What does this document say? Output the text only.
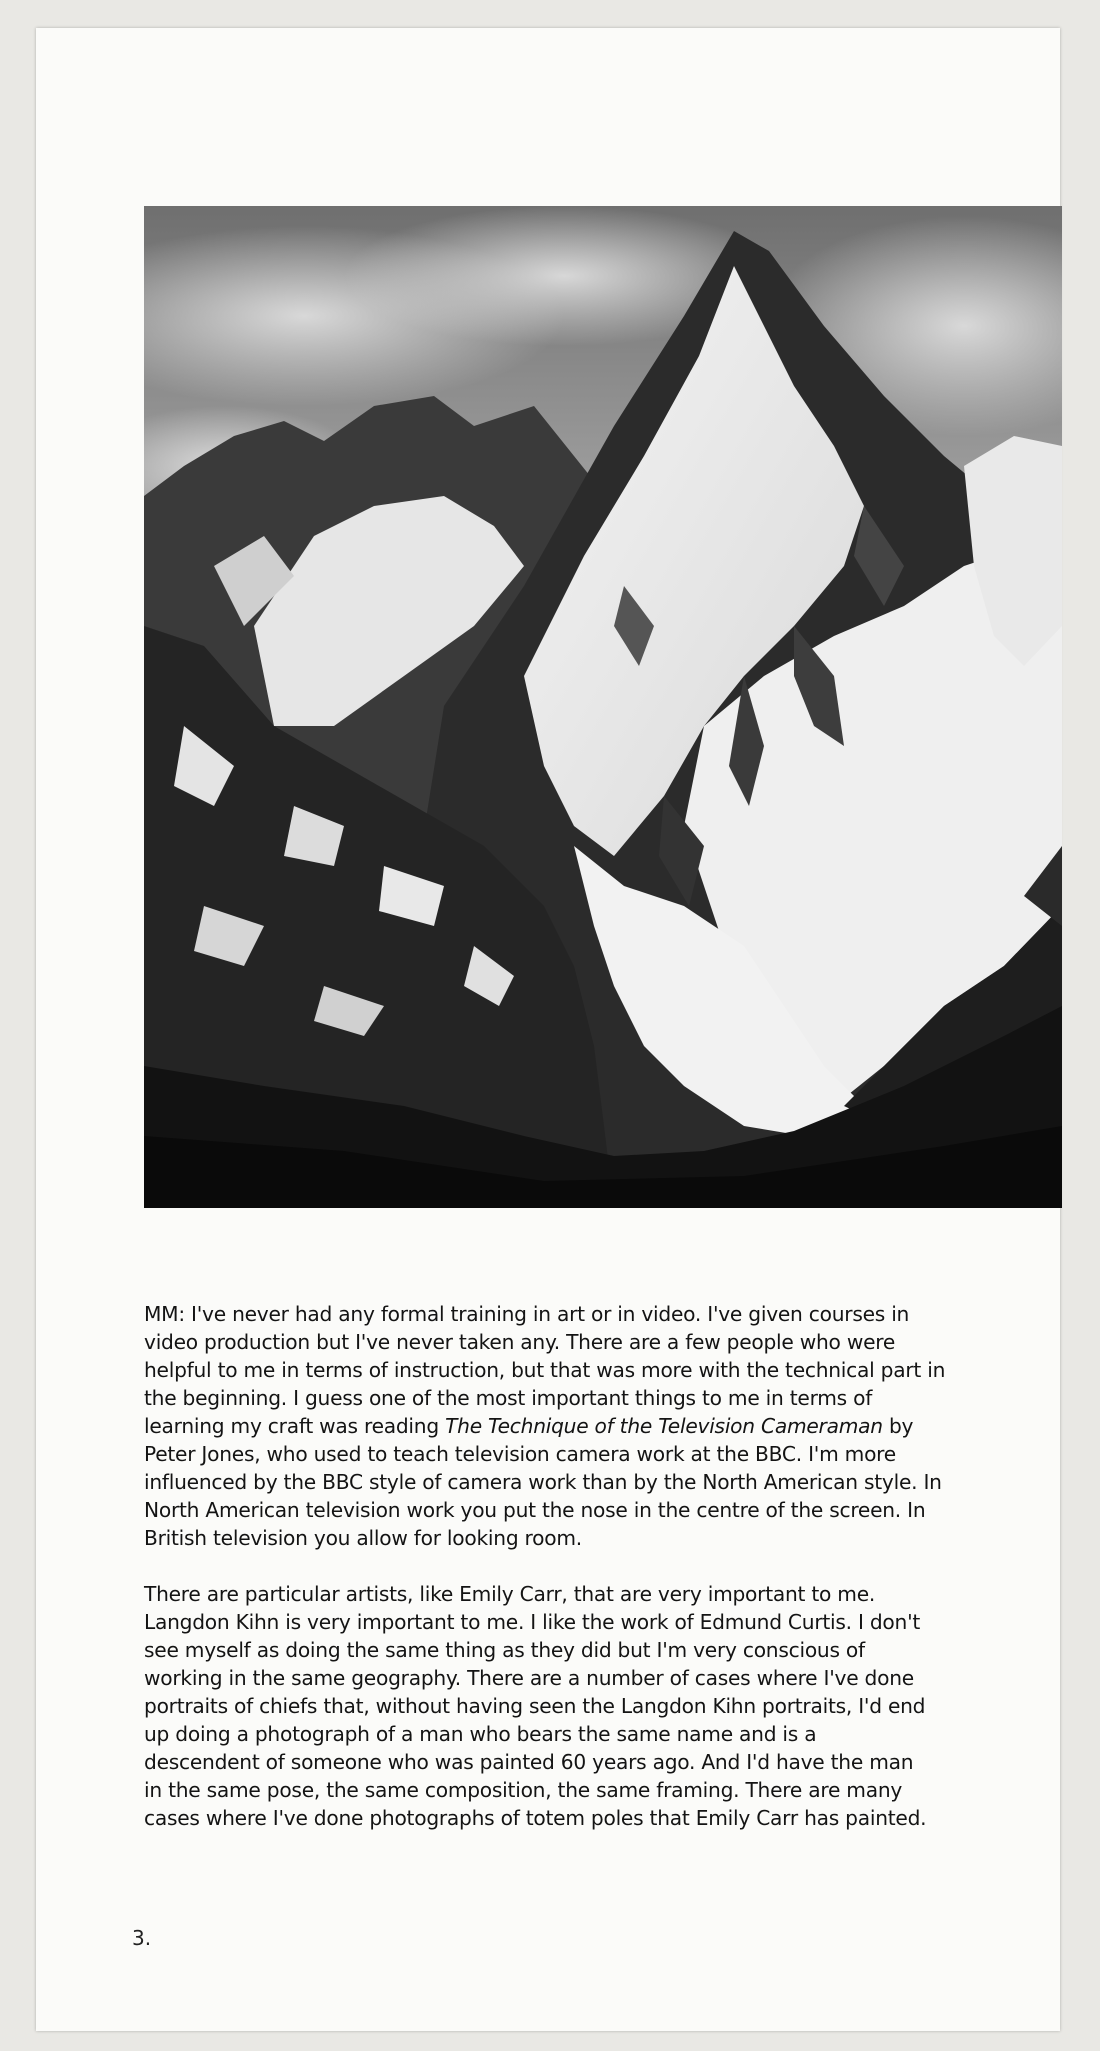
MM: I've never had any formal training in art or in video. I've given courses in
video production but I've never taken any. There are a few people who were
helpful to me in terms of instruction, but that was more with the technical part in
the beginning. I guess one of the most important things to me in terms of
learning my craft was reading The Technique of the Television Cameraman by
Peter Jones, who used to teach television camera work at the BBC. I'm more
influenced by the BBC style of camera work than by the North American style. In
North American television work you put the nose in the centre of the screen. In
British television you allow for looking room.

There are particular artists, like Emily Carr, that are very important to me.
Langdon Kihn is very important to me. I like the work of Edmund Curtis. I don't
see myself as doing the same thing as they did but I'm very conscious of
working in the same geography. There are a number of cases where I've done
portraits of chiefs that, without having seen the Langdon Kihn portraits, I'd end
up doing a photograph of a man who bears the same name and is a
descendent of someone who was painted 60 years ago. And I'd have the man
in the same pose, the same composition, the same framing. There are many
cases where I've done photographs of totem poles that Emily Carr has painted.

3.
